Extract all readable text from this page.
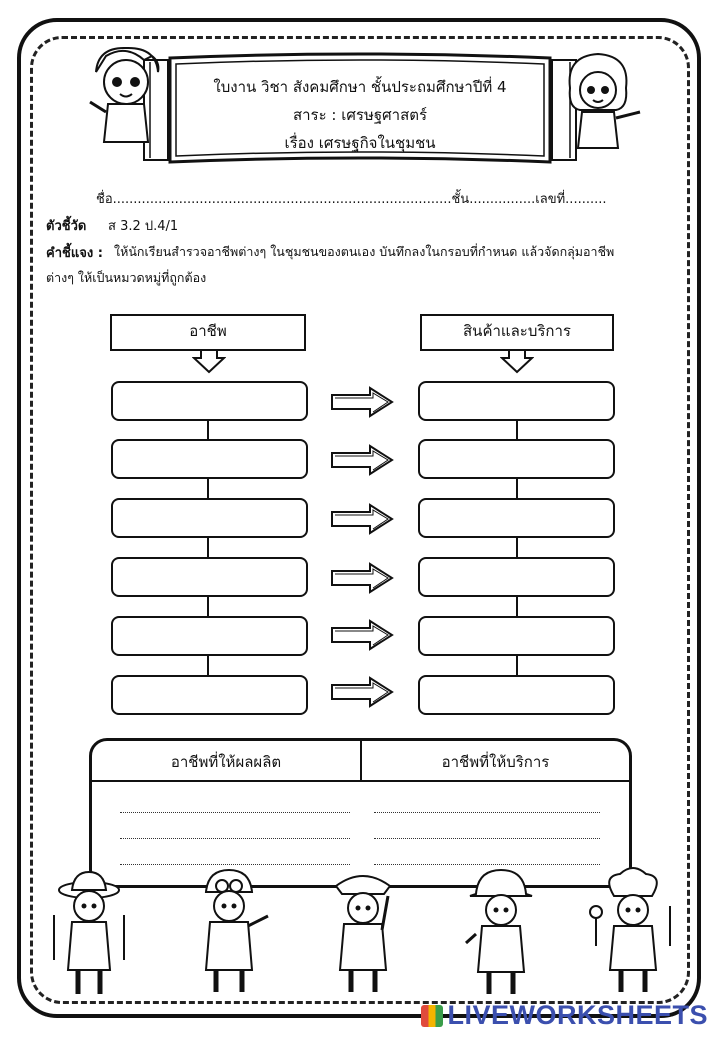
ใบงาน วิชา สังคมศึกษา ชั้นประถมศึกษาปีที่ 4
สาระ : เศรษฐศาสตร์
เรื่อง เศรษฐกิจในชุมชน
ชื่อ..................................................................................ชั้น................เลขที่..........
ตัวชี้วัด ส 3.2 ป.4/1
คำชี้แจง : ให้นักเรียนสำรวจอาชีพต่างๆ ในชุมชนของตนเอง บันทึกลงในกรอบที่กำหนด แล้วจัดกลุ่มอาชีพ
ต่างๆ ให้เป็นหมวดหมู่ที่ถูกต้อง
อาชีพ	สินค้าและบริการ
อาชีพที่ให้ผลผลิต	อาชีพที่ให้บริการ
LIVEWORKSHEETS
